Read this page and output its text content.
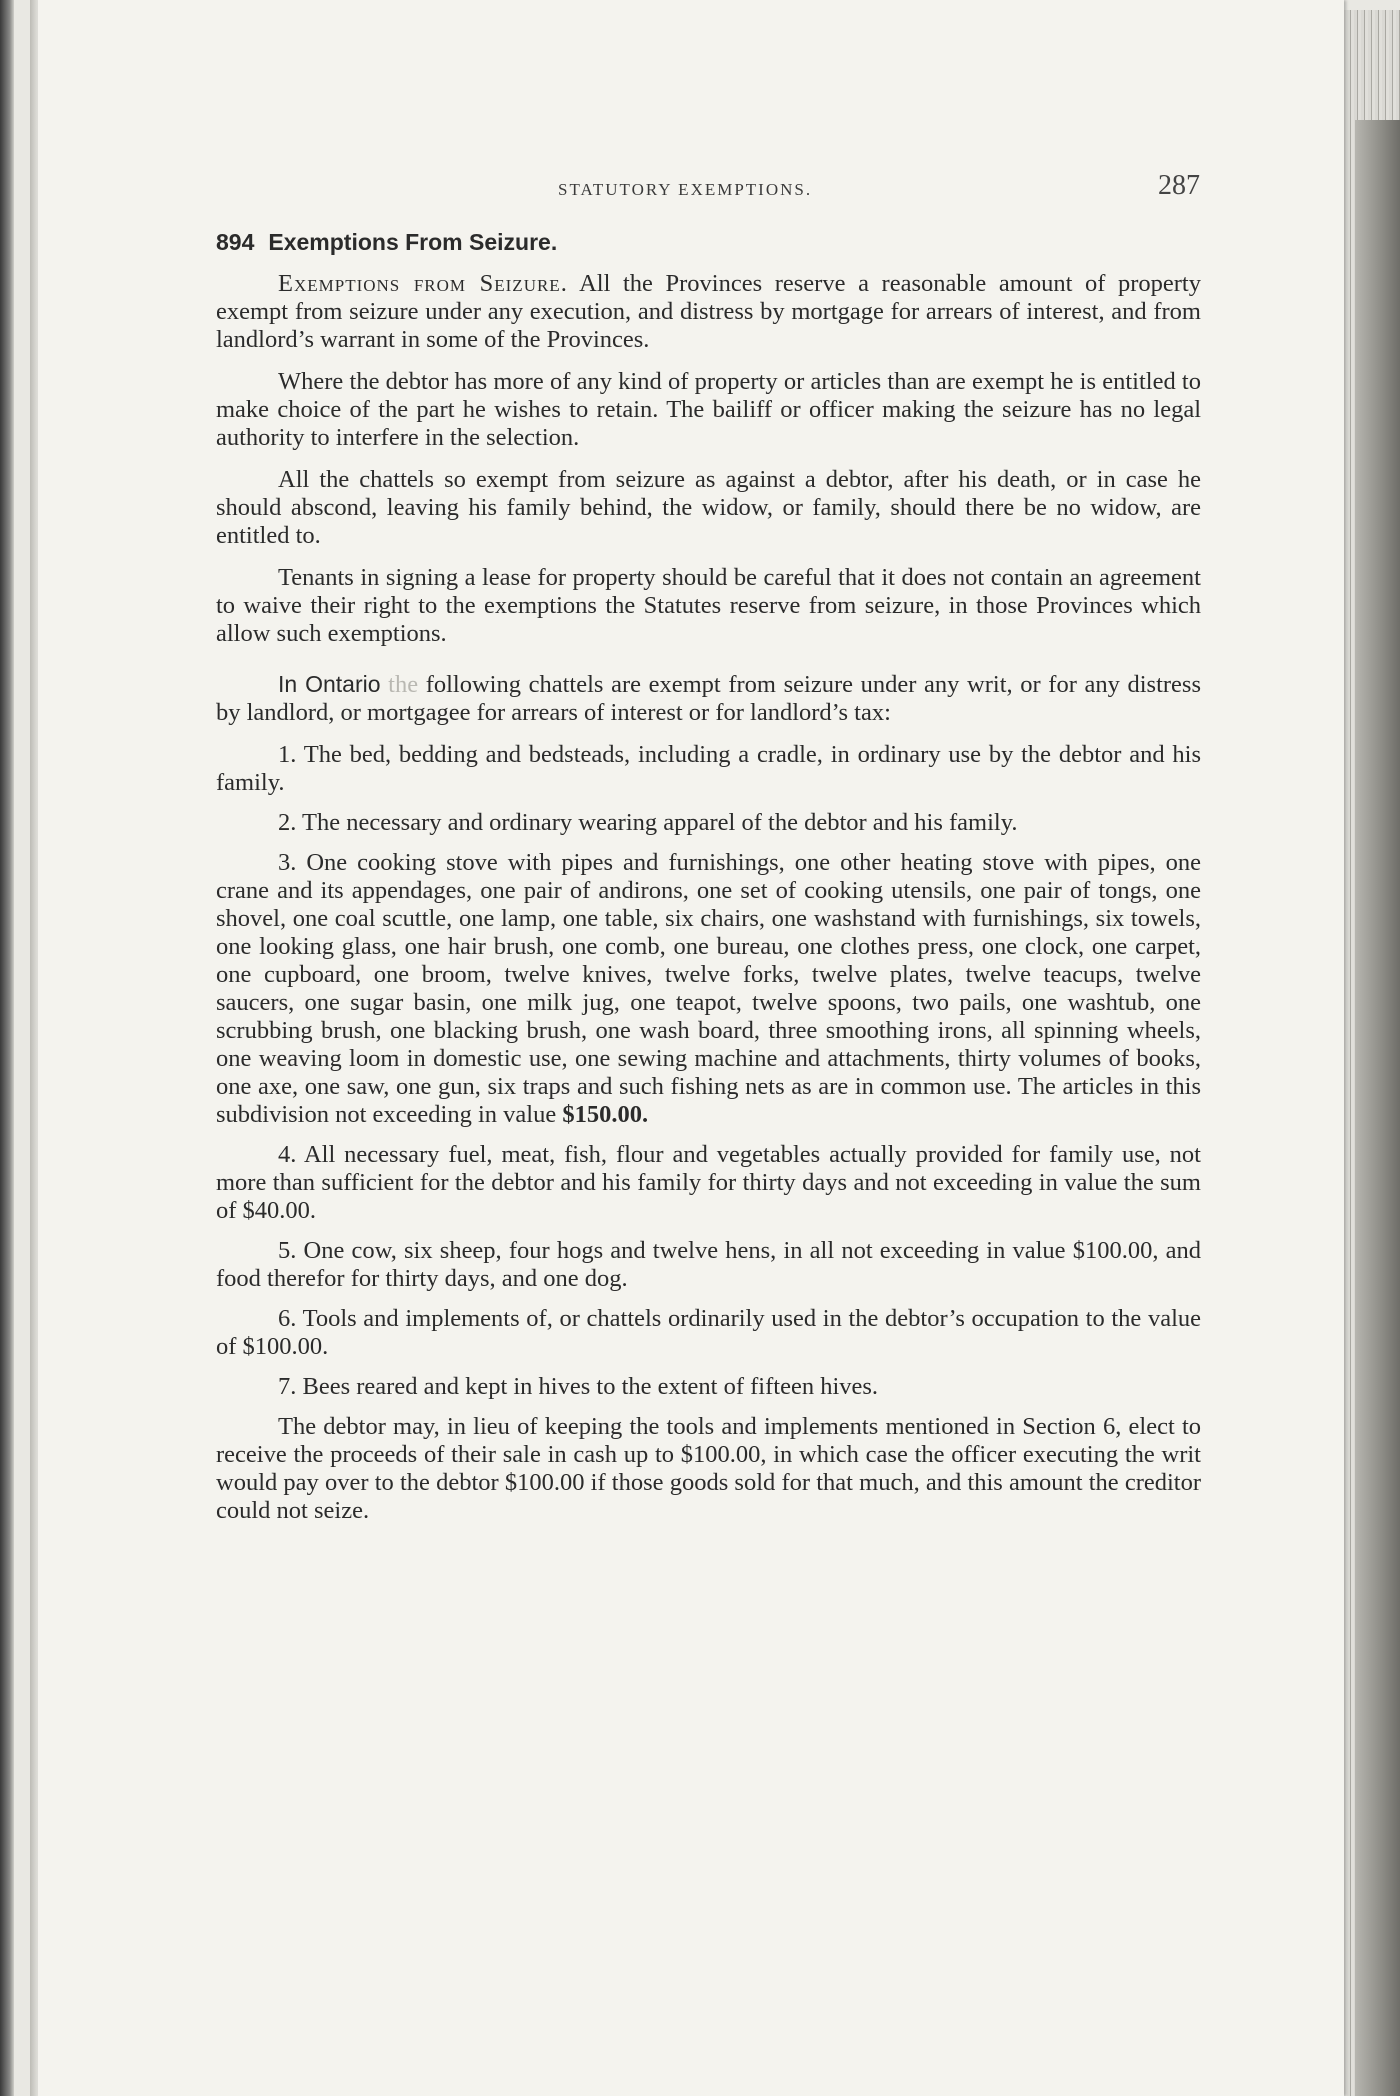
STATUTORY EXEMPTIONS.	287
894 Exemptions From Seizure.

Exemptions from Seizure. All the Provinces reserve a reasonable amount of property exempt from seizure under any execution, and distress by mortgage for arrears of interest, and from landlord’s warrant in some of the Provinces.

Where the debtor has more of any kind of property or articles than are exempt he is entitled to make choice of the part he wishes to retain. The bailiff or officer making the seizure has no legal authority to interfere in the selection.

All the chattels so exempt from seizure as against a debtor, after his death, or in case he should abscond, leaving his family behind, the widow, or family, should there be no widow, are entitled to.

Tenants in signing a lease for property should be careful that it does not contain an agreement to waive their right to the exemptions the Statutes reserve from seizure, in those Provinces which allow such exemptions.

In Ontario the following chattels are exempt from seizure under any writ, or for any distress by landlord, or mortgagee for arrears of interest or for landlord’s tax:

1. The bed, bedding and bedsteads, including a cradle, in ordinary use by the debtor and his family.

2. The necessary and ordinary wearing apparel of the debtor and his family.

3. One cooking stove with pipes and furnishings, one other heating stove with pipes, one crane and its appendages, one pair of andirons, one set of cooking utensils, one pair of tongs, one shovel, one coal scuttle, one lamp, one table, six chairs, one washstand with furnishings, six towels, one looking glass, one hair brush, one comb, one bureau, one clothes press, one clock, one carpet, one cupboard, one broom, twelve knives, twelve forks, twelve plates, twelve teacups, twelve saucers, one sugar basin, one milk jug, one teapot, twelve spoons, two pails, one washtub, one scrubbing brush, one blacking brush, one wash board, three smoothing irons, all spinning wheels, one weaving loom in domestic use, one sewing machine and attachments, thirty volumes of books, one axe, one saw, one gun, six traps and such fishing nets as are in common use. The articles in this subdivision not exceeding in value $150.00.

4. All necessary fuel, meat, fish, flour and vegetables actually provided for family use, not more than sufficient for the debtor and his family for thirty days and not exceeding in value the sum of $40.00.

5. One cow, six sheep, four hogs and twelve hens, in all not exceeding in value $100.00, and food therefor for thirty days, and one dog.

6. Tools and implements of, or chattels ordinarily used in the debtor’s occupation to the value of $100.00.

7. Bees reared and kept in hives to the extent of fifteen hives.

The debtor may, in lieu of keeping the tools and implements mentioned in Section 6, elect to receive the proceeds of their sale in cash up to $100.00, in which case the officer executing the writ would pay over to the debtor $100.00 if those goods sold for that much, and this amount the creditor could not seize.
